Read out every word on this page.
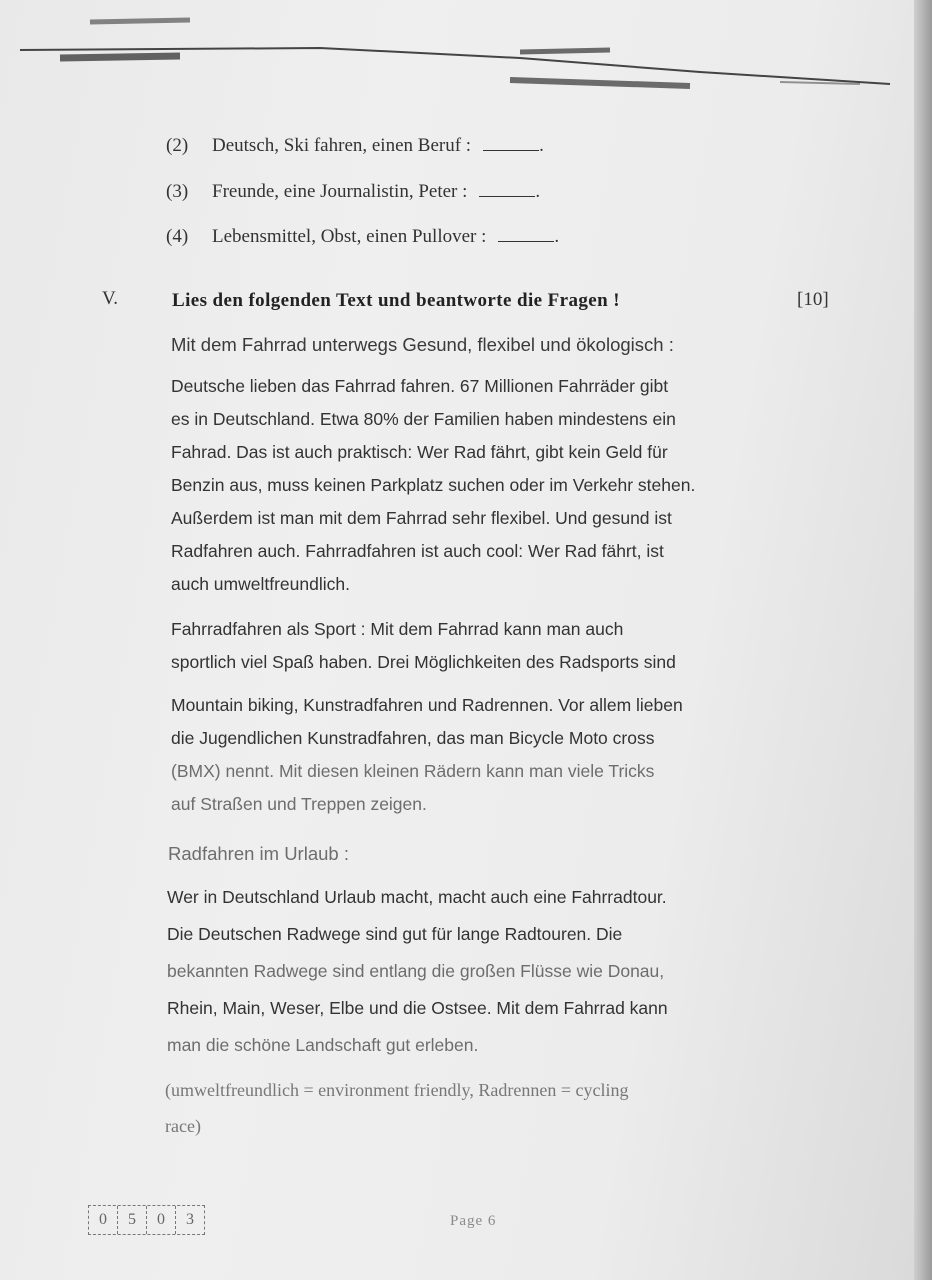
(2) Deutsch, Ski fahren, einen Beruf :	.
(3) Freunde, eine Journalistin, Peter :	.
(4) Lebensmittel, Obst, einen Pullover :	.
V.	Lies den folgenden Text und beantworte die Fragen !	[10]
Mit dem Fahrrad unterwegs Gesund, flexibel und ökologisch :
Deutsche lieben das Fahrrad fahren. 67 Millionen Fahrräder gibt
es in Deutschland. Etwa 80% der Familien haben mindestens ein
Fahrad. Das ist auch praktisch: Wer Rad fährt, gibt kein Geld für
Benzin aus, muss keinen Parkplatz suchen oder im Verkehr stehen.
Außerdem ist man mit dem Fahrrad sehr flexibel. Und gesund ist
Radfahren auch. Fahrradfahren ist auch cool: Wer Rad fährt, ist
auch umweltfreundlich.
Fahrradfahren als Sport : Mit dem Fahrrad kann man auch
sportlich viel Spaß haben. Drei Möglichkeiten des Radsports sind
Mountain biking, Kunstradfahren und Radrennen. Vor allem lieben
die Jugendlichen Kunstradfahren, das man Bicycle Moto cross
(BMX) nennt. Mit diesen kleinen Rädern kann man viele Tricks
auf Straßen und Treppen zeigen.
Radfahren im Urlaub :
Wer in Deutschland Urlaub macht, macht auch eine Fahrradtour.
Die Deutschen Radwege sind gut für lange Radtouren. Die
bekannten Radwege sind entlang die großen Flüsse wie Donau,
Rhein, Main, Weser, Elbe und die Ostsee. Mit dem Fahrrad kann
man die schöne Landschaft gut erleben.
(umweltfreundlich = environment friendly, Radrennen = cycling
race)
0	5	0	3	Page 6
